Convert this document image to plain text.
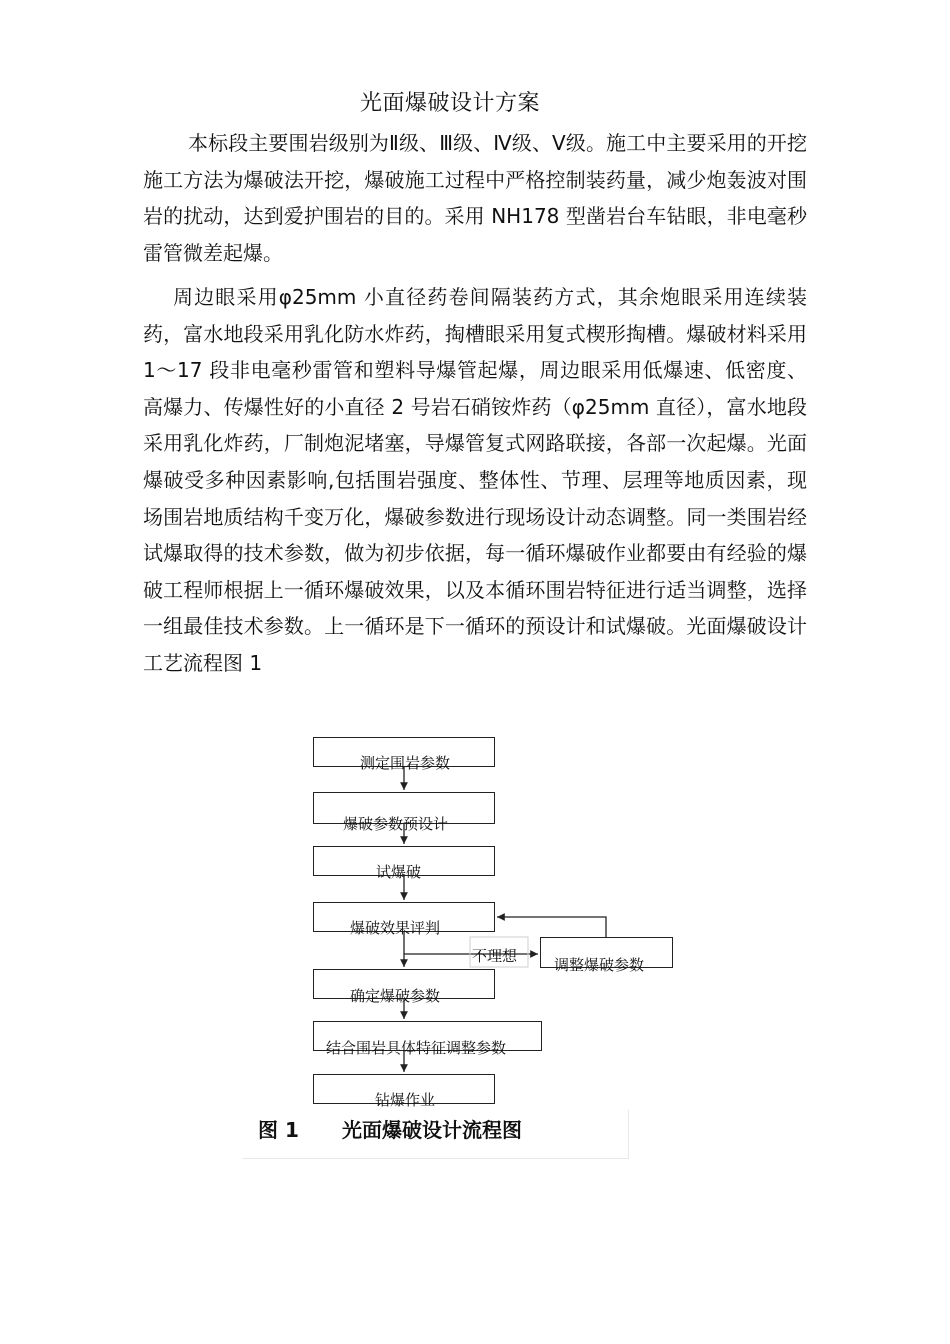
光面爆破设计方案

本标段主要围岩级别为Ⅱ级、Ⅲ级、Ⅳ级、Ⅴ级。施工中主要采用的开挖施工方法为爆破法开挖，爆破施工过程中严格控制装药量，减少炮轰波对围岩的扰动，达到爱护围岩的目的。采用 NH178 型凿岩台车钻眼，非电毫秒雷管微差起爆。

周边眼采用φ25mm 小直径药卷间隔装药方式，其余炮眼采用连续装药，富水地段采用乳化防水炸药，掏槽眼采用复式楔形掏槽。爆破材料采用 1～17 段非电毫秒雷管和塑料导爆管起爆，周边眼采用低爆速、低密度、高爆力、传爆性好的小直径 2 号岩石硝铵炸药（φ25mm 直径），富水地段采用乳化炸药，厂制炮泥堵塞，导爆管复式网路联接，各部一次起爆。光面爆破受多种因素影响,包括围岩强度、整体性、节理、层理等地质因素，现场围岩地质结构千变万化，爆破参数进行现场设计动态调整。同一类围岩经试爆取得的技术参数，做为初步依据，每一循环爆破作业都要由有经验的爆破工程师根据上一循环爆破效果，以及本循环围岩特征进行适当调整，选择一组最佳技术参数。上一循环是下一循环的预设计和试爆破。光面爆破设计工艺流程图 1

测定围岩参数
爆破参数预设计
试爆破
爆破效果评判
调整爆破参数
不理想
确定爆破参数
结合围岩具体特征调整参数
钻爆作业
图 1 光面爆破设计流程图
